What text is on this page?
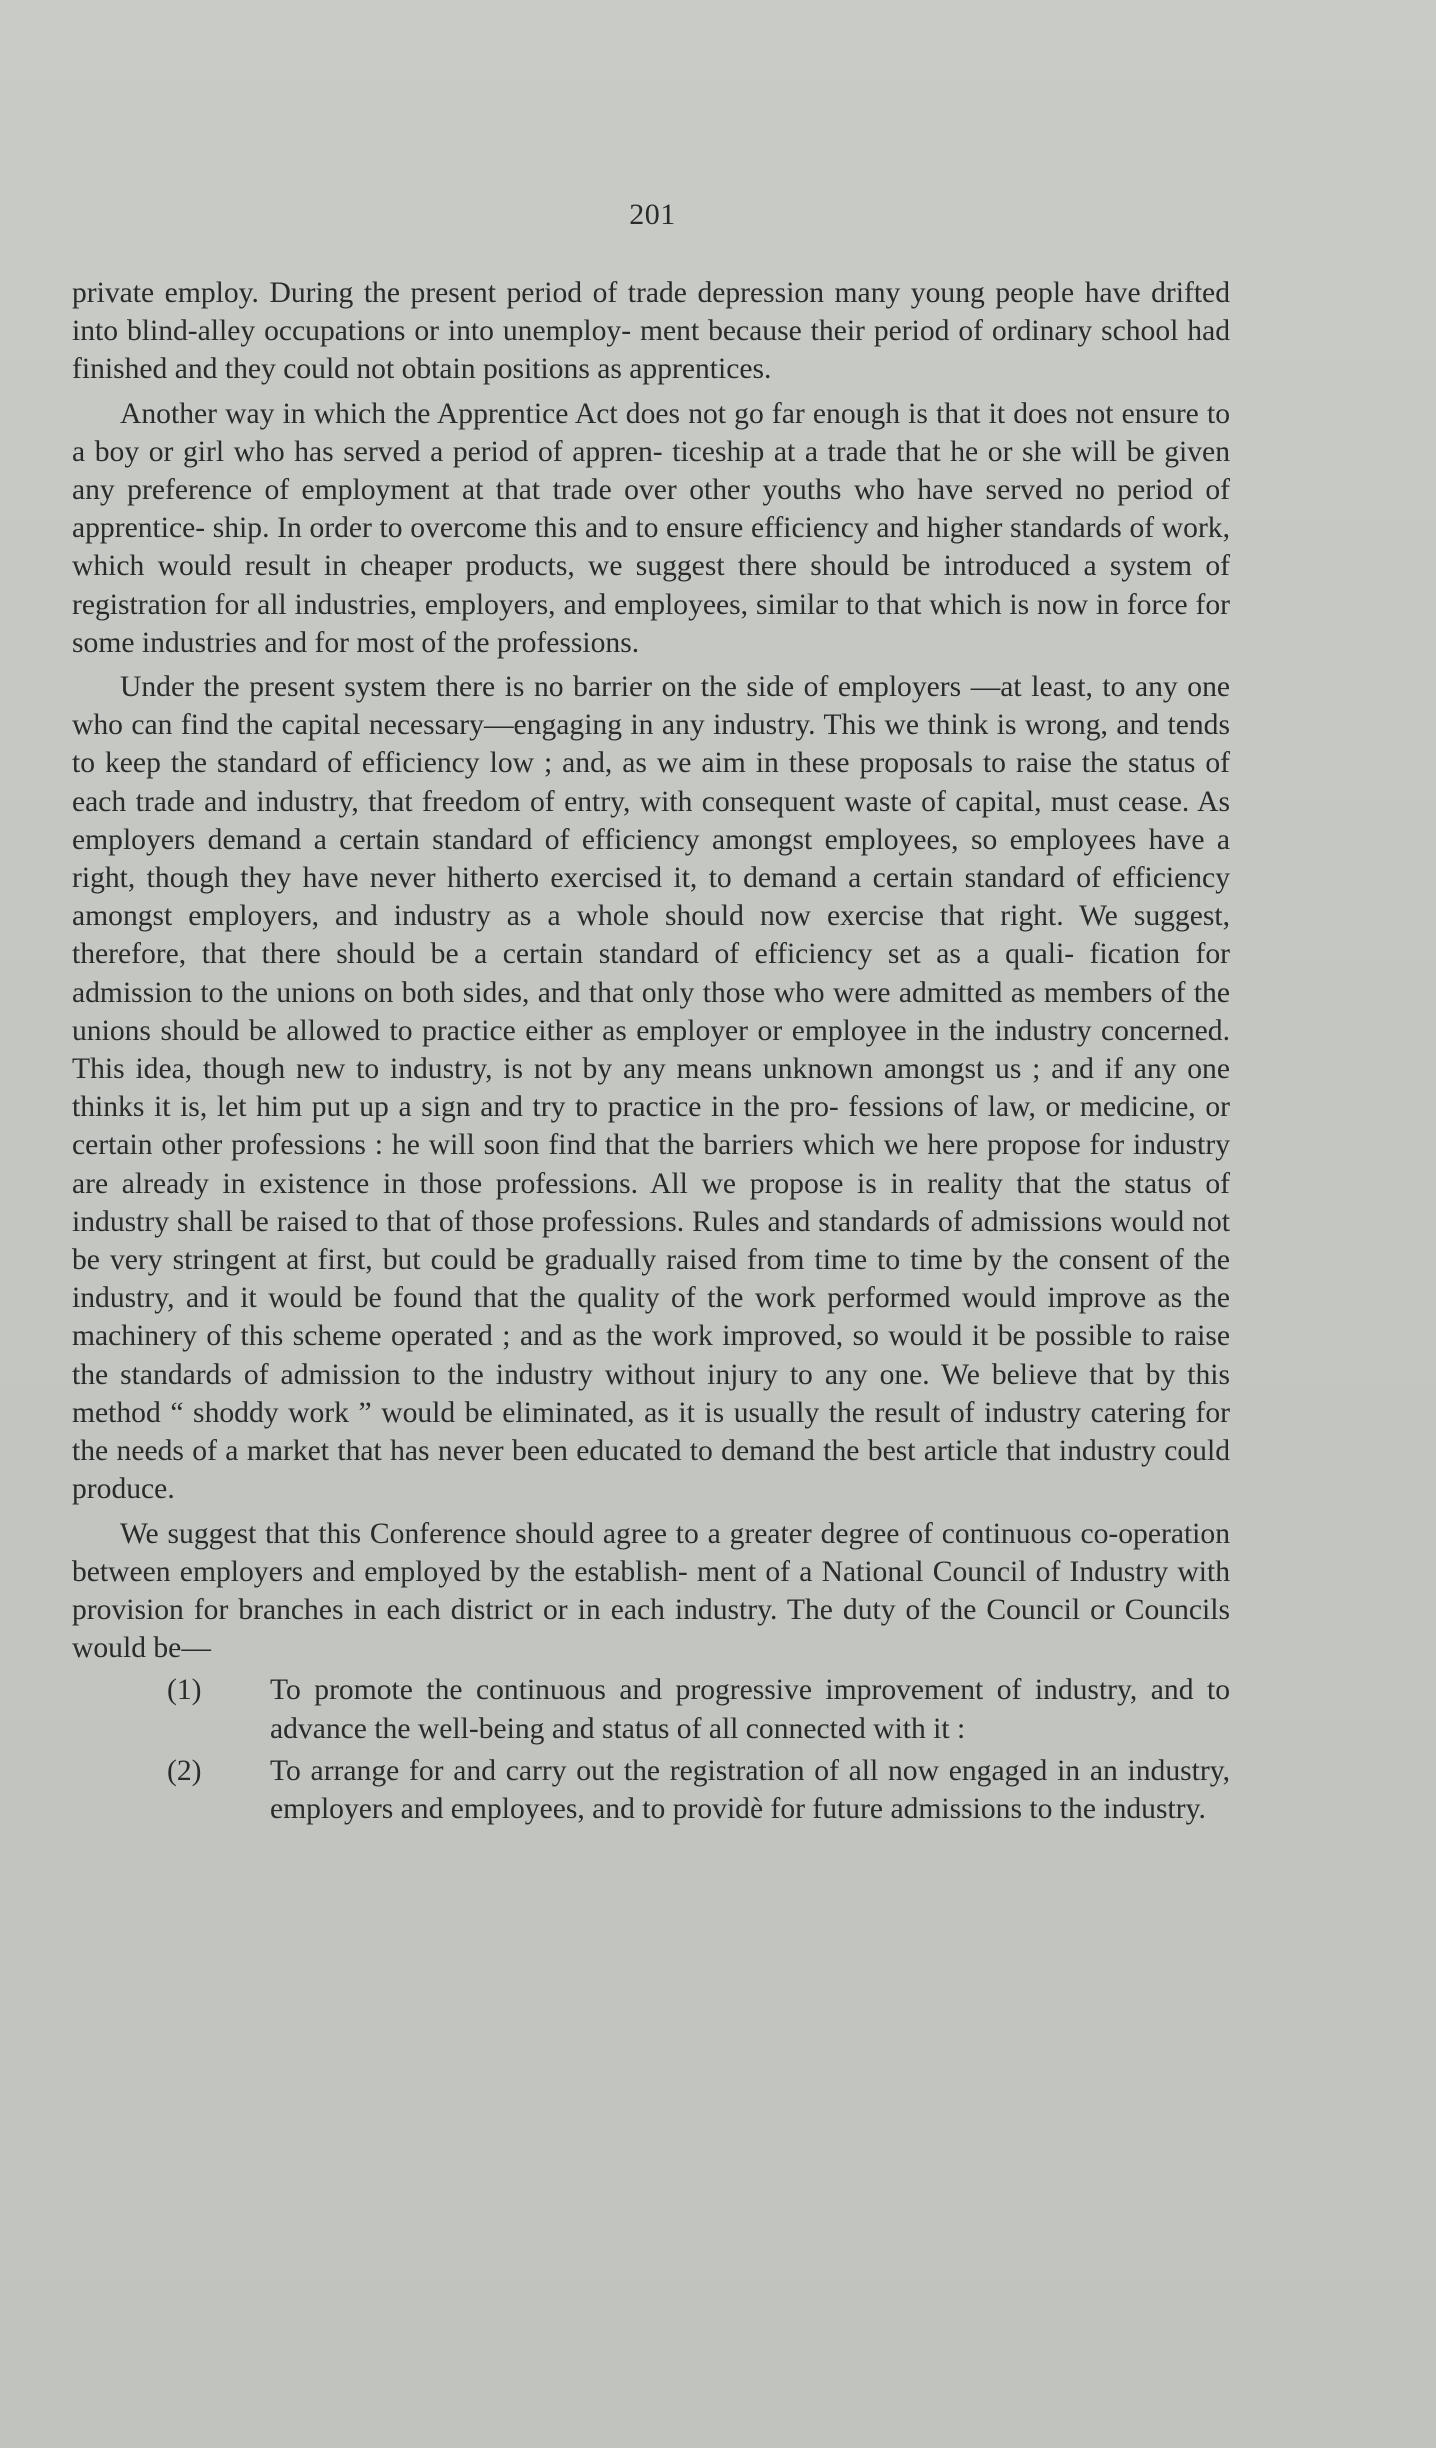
201

private employ. During the present period of trade depression many young people have drifted into blind-alley occupations or into unemploy- ment because their period of ordinary school had finished and they could not obtain positions as apprentices.

Another way in which the Apprentice Act does not go far enough is that it does not ensure to a boy or girl who has served a period of appren- ticeship at a trade that he or she will be given any preference of employment at that trade over other youths who have served no period of apprentice- ship. In order to overcome this and to ensure efficiency and higher standards of work, which would result in cheaper products, we suggest there should be introduced a system of registration for all industries, employers, and employees, similar to that which is now in force for some industries and for most of the professions.

Under the present system there is no barrier on the side of employers —at least, to any one who can find the capital necessary—engaging in any industry. This we think is wrong, and tends to keep the standard of efficiency low ; and, as we aim in these proposals to raise the status of each trade and industry, that freedom of entry, with consequent waste of capital, must cease. As employers demand a certain standard of efficiency amongst employees, so employees have a right, though they have never hitherto exercised it, to demand a certain standard of efficiency amongst employers, and industry as a whole should now exercise that right. We suggest, therefore, that there should be a certain standard of efficiency set as a quali- fication for admission to the unions on both sides, and that only those who were admitted as members of the unions should be allowed to practice either as employer or employee in the industry concerned. This idea, though new to industry, is not by any means unknown amongst us ; and if any one thinks it is, let him put up a sign and try to practice in the pro- fessions of law, or medicine, or certain other professions : he will soon find that the barriers which we here propose for industry are already in existence in those professions. All we propose is in reality that the status of industry shall be raised to that of those professions. Rules and standards of admissions would not be very stringent at first, but could be gradually raised from time to time by the consent of the industry, and it would be found that the quality of the work performed would improve as the machinery of this scheme operated ; and as the work improved, so would it be possible to raise the standards of admission to the industry without injury to any one. We believe that by this method “ shoddy work ” would be eliminated, as it is usually the result of industry catering for the needs of a market that has never been educated to demand the best article that industry could produce.

We suggest that this Conference should agree to a greater degree of continuous co-operation between employers and employed by the establish- ment of a National Council of Industry with provision for branches in each district or in each industry. The duty of the Council or Councils would be—

(1) To promote the continuous and progressive improvement of industry, and to advance the well-being and status of all connected with it :
(2) To arrange for and carry out the registration of all now engaged in an industry, employers and employees, and to providè for future admissions to the industry.
